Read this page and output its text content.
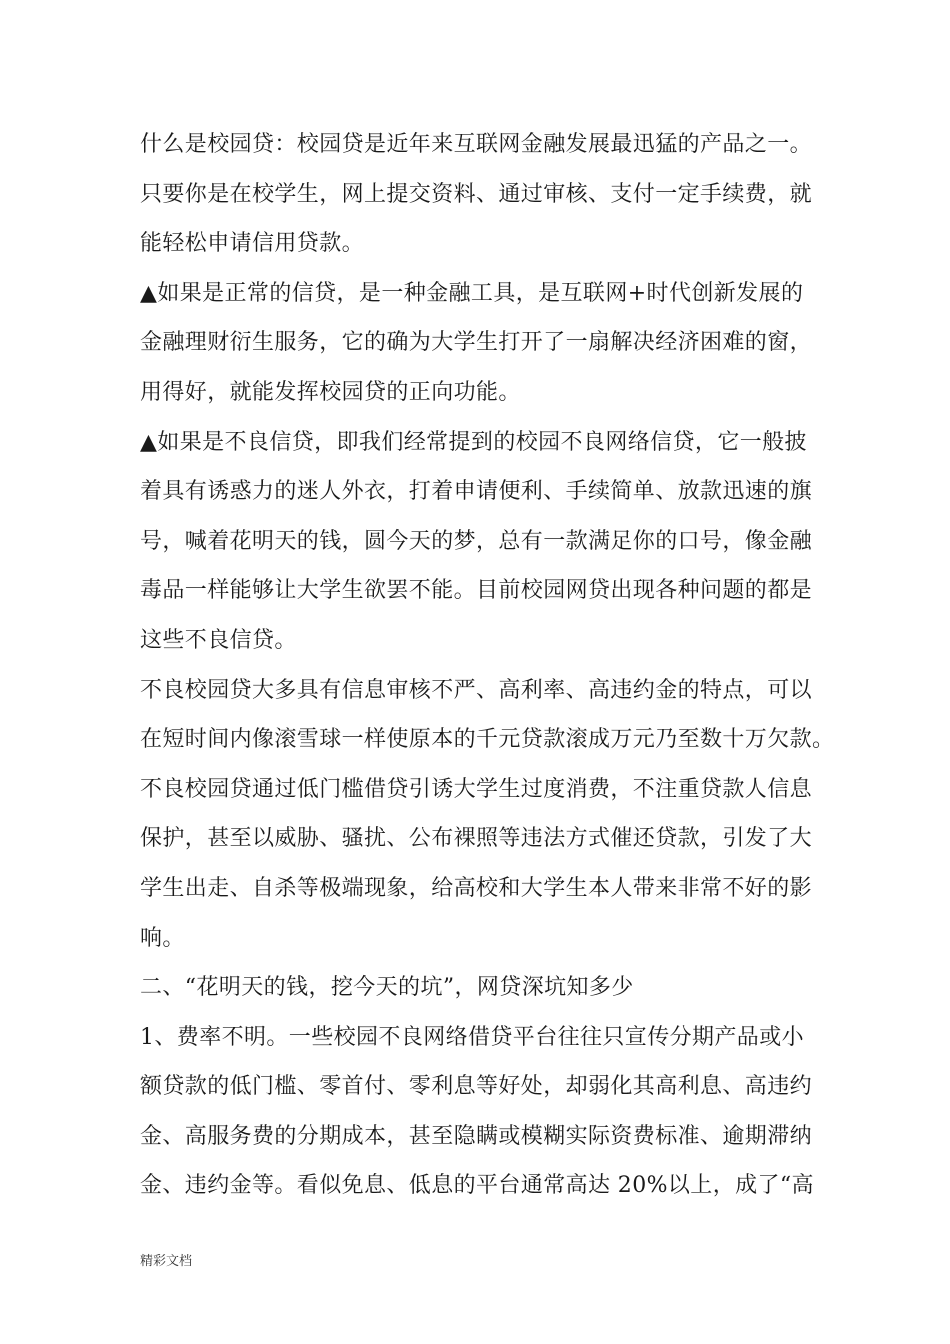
什么是校园贷：校园贷是近年来互联网金融发展最迅猛的产品之一。
只要你是在校学生，网上提交资料、通过审核、支付一定手续费，就
能轻松申请信用贷款。
▲如果是正常的信贷，是一种金融工具，是互联网+时代创新发展的
金融理财衍生服务，它的确为大学生打开了一扇解决经济困难的窗，
用得好，就能发挥校园贷的正向功能。
▲如果是不良信贷，即我们经常提到的校园不良网络信贷，它一般披
着具有诱惑力的迷人外衣，打着申请便利、手续简单、放款迅速的旗
号，喊着花明天的钱，圆今天的梦，总有一款满足你的口号，像金融
毒品一样能够让大学生欲罢不能。目前校园网贷出现各种问题的都是
这些不良信贷。
不良校园贷大多具有信息审核不严、高利率、高违约金的特点，可以
在短时间内像滚雪球一样使原本的千元贷款滚成万元乃至数十万欠款。
不良校园贷通过低门槛借贷引诱大学生过度消费，不注重贷款人信息
保护，甚至以威胁、骚扰、公布裸照等违法方式催还贷款，引发了大
学生出走、自杀等极端现象，给高校和大学生本人带来非常不好的影
响。
二、“花明天的钱，挖今天的坑”，网贷深坑知多少
1、费率不明。一些校园不良网络借贷平台往往只宣传分期产品或小
额贷款的低门槛、零首付、零利息等好处，却弱化其高利息、高违约
金、高服务费的分期成本，甚至隐瞒或模糊实际资费标准、逾期滞纳
金、违约金等。看似免息、低息的平台通常高达 20%以上，成了“高
精彩文档
